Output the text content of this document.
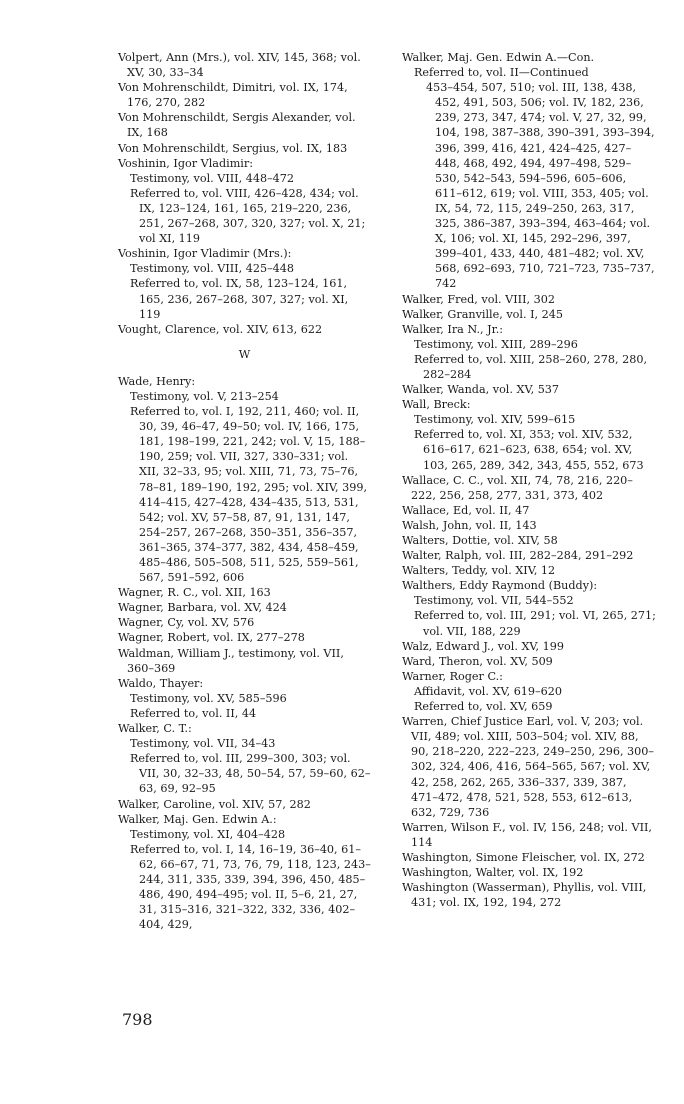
Volpert, Ann (Mrs.), vol. XIV, 145, 368; vol. XV, 30, 33–34

Von Mohrenschildt, Dimitri, vol. IX, 174, 176, 270, 282

Von Mohrenschildt, Sergis Alexander, vol. IX, 168

Von Mohrenschildt, Sergius, vol. IX, 183

Voshinin, Igor Vladimir:

Testimony, vol. VIII, 448–472

Referred to, vol. VIII, 426–428, 434; vol. IX, 123–124, 161, 165, 219–220, 236, 251, 267–268, 307, 320, 327; vol. X, 21; vol XI, 119

Voshinin, Igor Vladimir (Mrs.):

Testimony, vol. VIII, 425–448

Referred to, vol. IX, 58, 123–124, 161, 165, 236, 267–268, 307, 327; vol. XI, 119

Vought, Clarence, vol. XIV, 613, 622

W

Wade, Henry:

Testimony, vol. V, 213–254

Referred to, vol. I, 192, 211, 460; vol. II, 30, 39, 46–47, 49–50; vol. IV, 166, 175, 181, 198–199, 221, 242; vol. V, 15, 188–190, 259; vol. VII, 327, 330–331; vol. XII, 32–33, 95; vol. XIII, 71, 73, 75–76, 78–81, 189–190, 192, 295; vol. XIV, 399, 414–415, 427–428, 434–435, 513, 531, 542; vol. XV, 57–58, 87, 91, 131, 147, 254–257, 267–268, 350–351, 356–357, 361–365, 374–377, 382, 434, 458–459, 485–486, 505–508, 511, 525, 559–561, 567, 591–592, 606

Wagner, R. C., vol. XII, 163

Wagner, Barbara, vol. XV, 424

Wagner, Cy, vol. XV, 576

Wagner, Robert, vol. IX, 277–278

Waldman, William J., testimony, vol. VII, 360–369

Waldo, Thayer:

Testimony, vol. XV, 585–596

Referred to, vol. II, 44

Walker, C. T.:

Testimony, vol. VII, 34–43

Referred to, vol. III, 299–300, 303; vol. VII, 30, 32–33, 48, 50–54, 57, 59–60, 62–63, 69, 92–95

Walker, Caroline, vol. XIV, 57, 282

Walker, Maj. Gen. Edwin A.:

Testimony, vol. XI, 404–428

Referred to, vol. I, 14, 16–19, 36–40, 61–62, 66–67, 71, 73, 76, 79, 118, 123, 243–244, 311, 335, 339, 394, 396, 450, 485–486, 490, 494–495; vol. II, 5–6, 21, 27, 31, 315–316, 321–322, 332, 336, 402–404, 429,

Walker, Maj. Gen. Edwin A.—Con.

Referred to, vol. II—Continued

453–454, 507, 510; vol. III, 138, 438, 452, 491, 503, 506; vol. IV, 182, 236, 239, 273, 347, 474; vol. V, 27, 32, 99, 104, 198, 387–388, 390–391, 393–394, 396, 399, 416, 421, 424–425, 427–448, 468, 492, 494, 497–498, 529–530, 542–543, 594–596, 605–606, 611–612, 619; vol. VIII, 353, 405; vol. IX, 54, 72, 115, 249–250, 263, 317, 325, 386–387, 393–394, 463–464; vol. X, 106; vol. XI, 145, 292–296, 397, 399–401, 433, 440, 481–482; vol. XV, 568, 692–693, 710, 721–723, 735–737, 742

Walker, Fred, vol. VIII, 302

Walker, Granville, vol. I, 245

Walker, Ira N., Jr.:

Testimony, vol. XIII, 289–296

Referred to, vol. XIII, 258–260, 278, 280, 282–284

Walker, Wanda, vol. XV, 537

Wall, Breck:

Testimony, vol. XIV, 599–615

Referred to, vol. XI, 353; vol. XIV, 532, 616–617, 621–623, 638, 654; vol. XV, 103, 265, 289, 342, 343, 455, 552, 673

Wallace, C. C., vol. XII, 74, 78, 216, 220–222, 256, 258, 277, 331, 373, 402

Wallace, Ed, vol. II, 47

Walsh, John, vol. II, 143

Walters, Dottie, vol. XIV, 58

Walter, Ralph, vol. III, 282–284, 291–292

Walters, Teddy, vol. XIV, 12

Walthers, Eddy Raymond (Buddy):

Testimony, vol. VII, 544–552

Referred to, vol. III, 291; vol. VI, 265, 271; vol. VII, 188, 229

Walz, Edward J., vol. XV, 199

Ward, Theron, vol. XV, 509

Warner, Roger C.:

Affidavit, vol. XV, 619–620

Referred to, vol. XV, 659

Warren, Chief Justice Earl, vol. V, 203; vol. VII, 489; vol. XIII, 503–504; vol. XIV, 88, 90, 218–220, 222–223, 249–250, 296, 300–302, 324, 406, 416, 564–565, 567; vol. XV, 42, 258, 262, 265, 336–337, 339, 387, 471–472, 478, 521, 528, 553, 612–613, 632, 729, 736

Warren, Wilson F., vol. IV, 156, 248; vol. VII, 114

Washington, Simone Fleischer, vol. IX, 272

Washington, Walter, vol. IX, 192

Washington (Wasserman), Phyllis, vol. VIII, 431; vol. IX, 192, 194, 272

798
